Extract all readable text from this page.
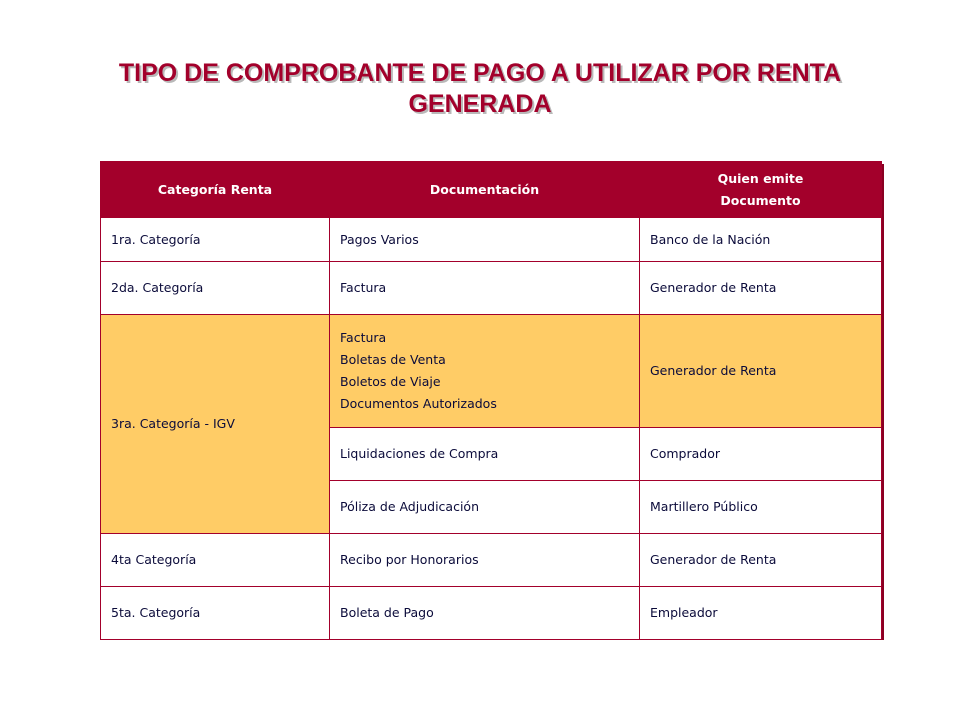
TIPO DE COMPROBANTE DE PAGO A UTILIZAR POR RENTA
GENERADA
Categoría Renta	Documentación	Quien emite
Documento

1ra. Categoría	Pagos Varios	Banco de la Nación
2da. Categoría	Factura	Generador de Renta
3ra. Categoría - IGV	Factura
Boletas de Venta
Boletos de Viaje
Documentos Autorizados	Generador de Renta
	Liquidaciones de Compra	Comprador
	Póliza de Adjudicación	Martillero Público
4ta Categoría	Recibo por Honorarios	Generador de Renta
5ta. Categoría	Boleta de Pago	Empleador
